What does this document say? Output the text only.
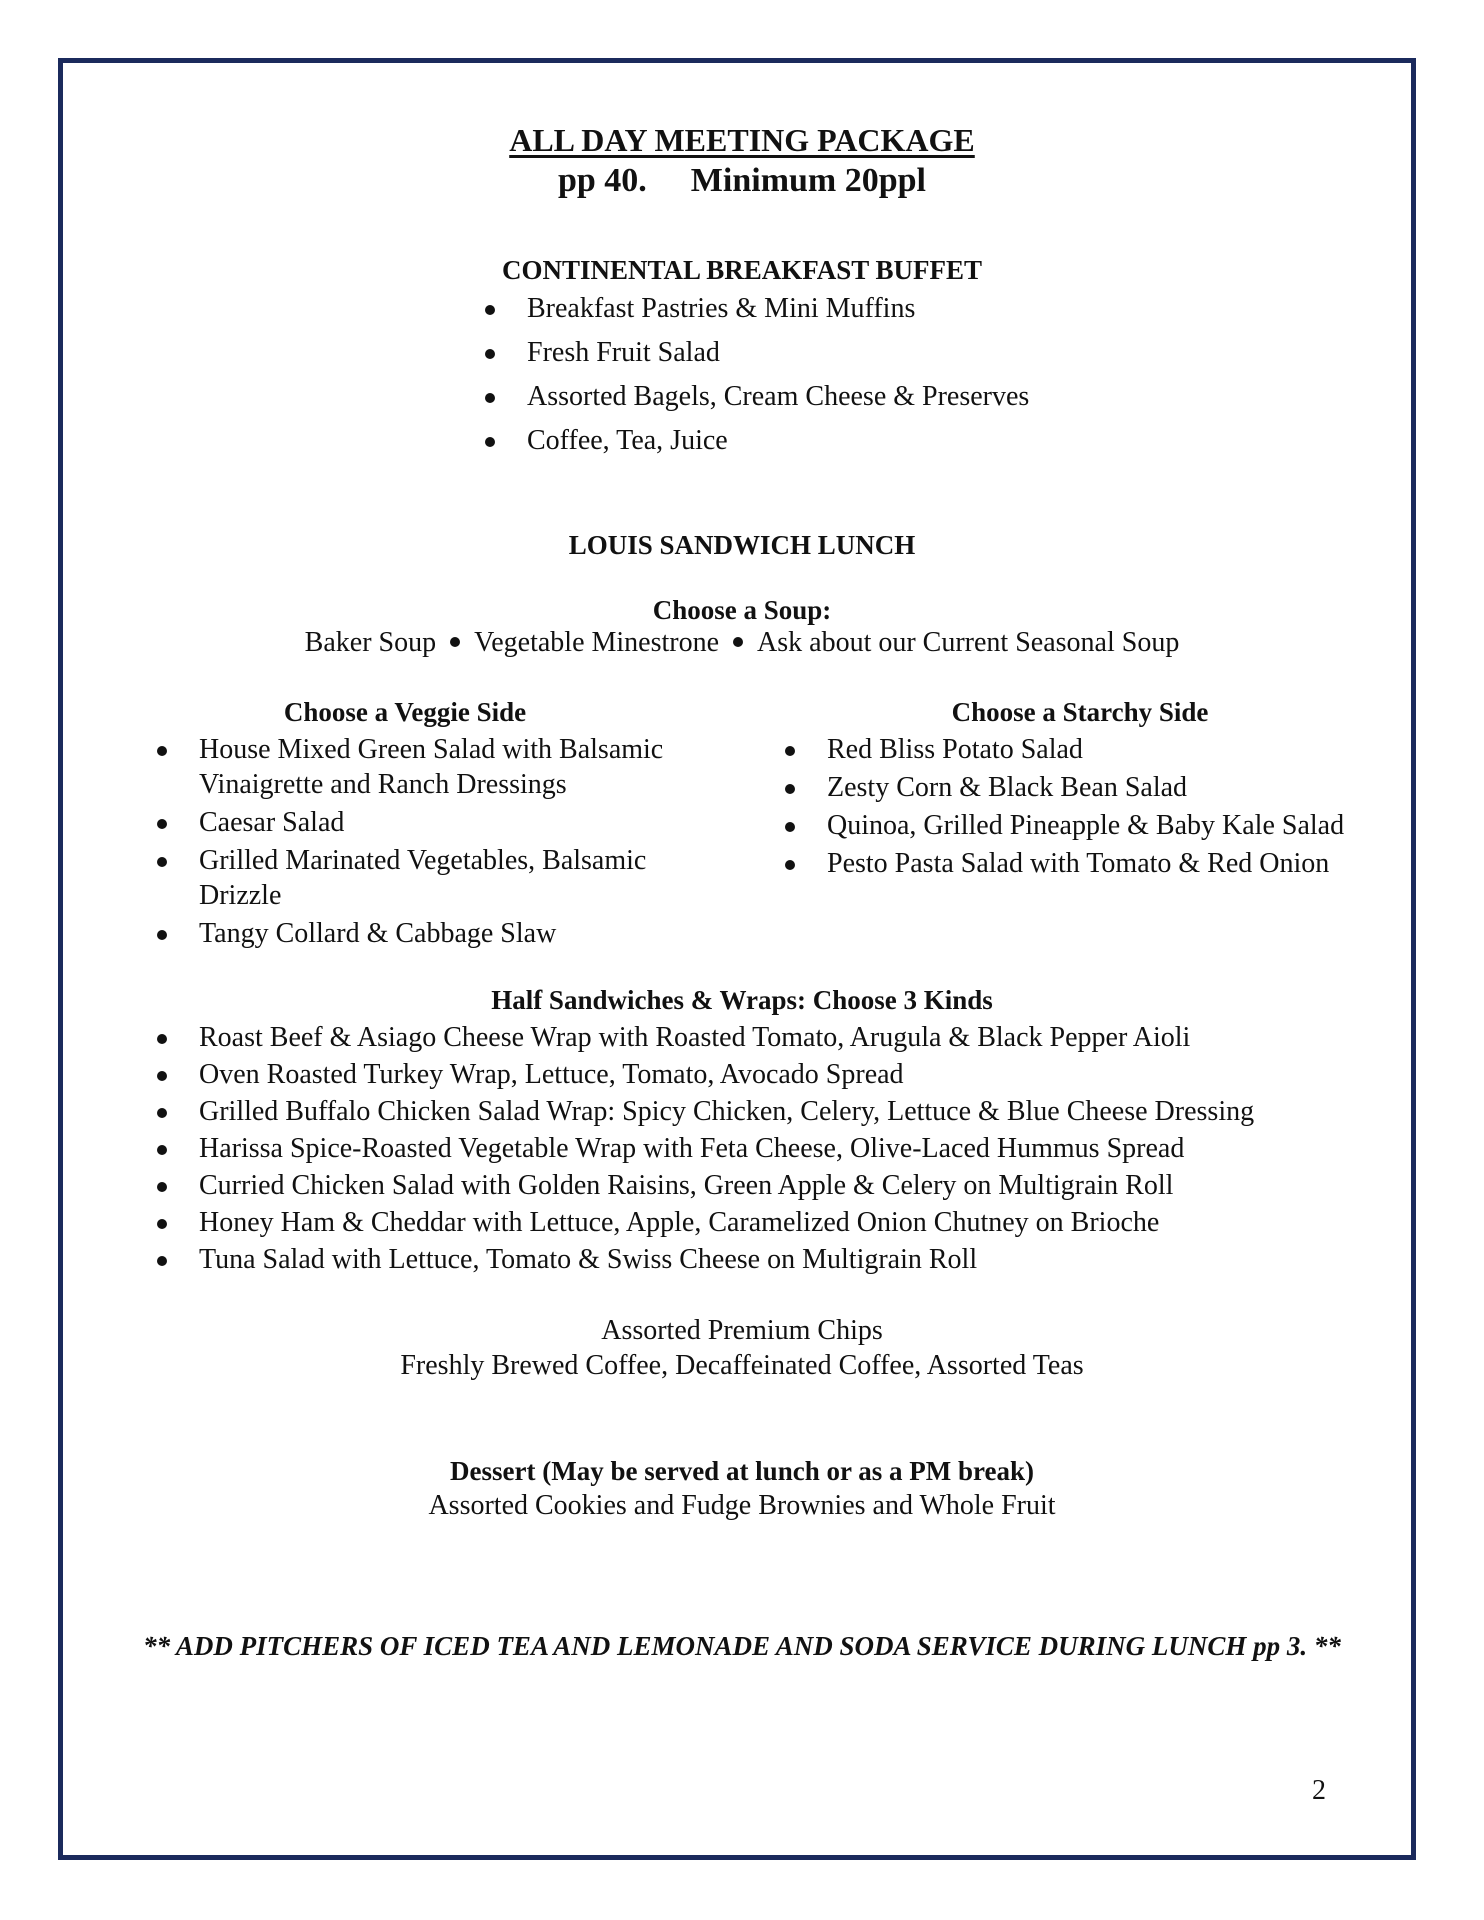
ALL DAY MEETING PACKAGE
pp 40. Minimum 20ppl
CONTINENTAL BREAKFAST BUFFET
Breakfast Pastries & Mini Muffins
Fresh Fruit Salad
Assorted Bagels, Cream Cheese & Preserves
Coffee, Tea, Juice
LOUIS SANDWICH LUNCH
Choose a Soup:
Baker Soup Vegetable Minestrone Ask about our Current Seasonal Soup
Choose a Veggie Side
House Mixed Green Salad with Balsamic Vinaigrette and Ranch Dressings
Caesar Salad
Grilled Marinated Vegetables, Balsamic Drizzle
Tangy Collard & Cabbage Slaw
Choose a Starchy Side
Red Bliss Potato Salad
Zesty Corn & Black Bean Salad
Quinoa, Grilled Pineapple & Baby Kale Salad
Pesto Pasta Salad with Tomato & Red Onion
Half Sandwiches & Wraps: Choose 3 Kinds
Roast Beef & Asiago Cheese Wrap with Roasted Tomato, Arugula & Black Pepper Aioli
Oven Roasted Turkey Wrap, Lettuce, Tomato, Avocado Spread
Grilled Buffalo Chicken Salad Wrap: Spicy Chicken, Celery, Lettuce & Blue Cheese Dressing
Harissa Spice-Roasted Vegetable Wrap with Feta Cheese, Olive-Laced Hummus Spread
Curried Chicken Salad with Golden Raisins, Green Apple & Celery on Multigrain Roll
Honey Ham & Cheddar with Lettuce, Apple, Caramelized Onion Chutney on Brioche
Tuna Salad with Lettuce, Tomato & Swiss Cheese on Multigrain Roll
Assorted Premium Chips
Freshly Brewed Coffee, Decaffeinated Coffee, Assorted Teas
Dessert (May be served at lunch or as a PM break)
Assorted Cookies and Fudge Brownies and Whole Fruit
** ADD PITCHERS OF ICED TEA AND LEMONADE AND SODA SERVICE DURING LUNCH pp 3. **
2
